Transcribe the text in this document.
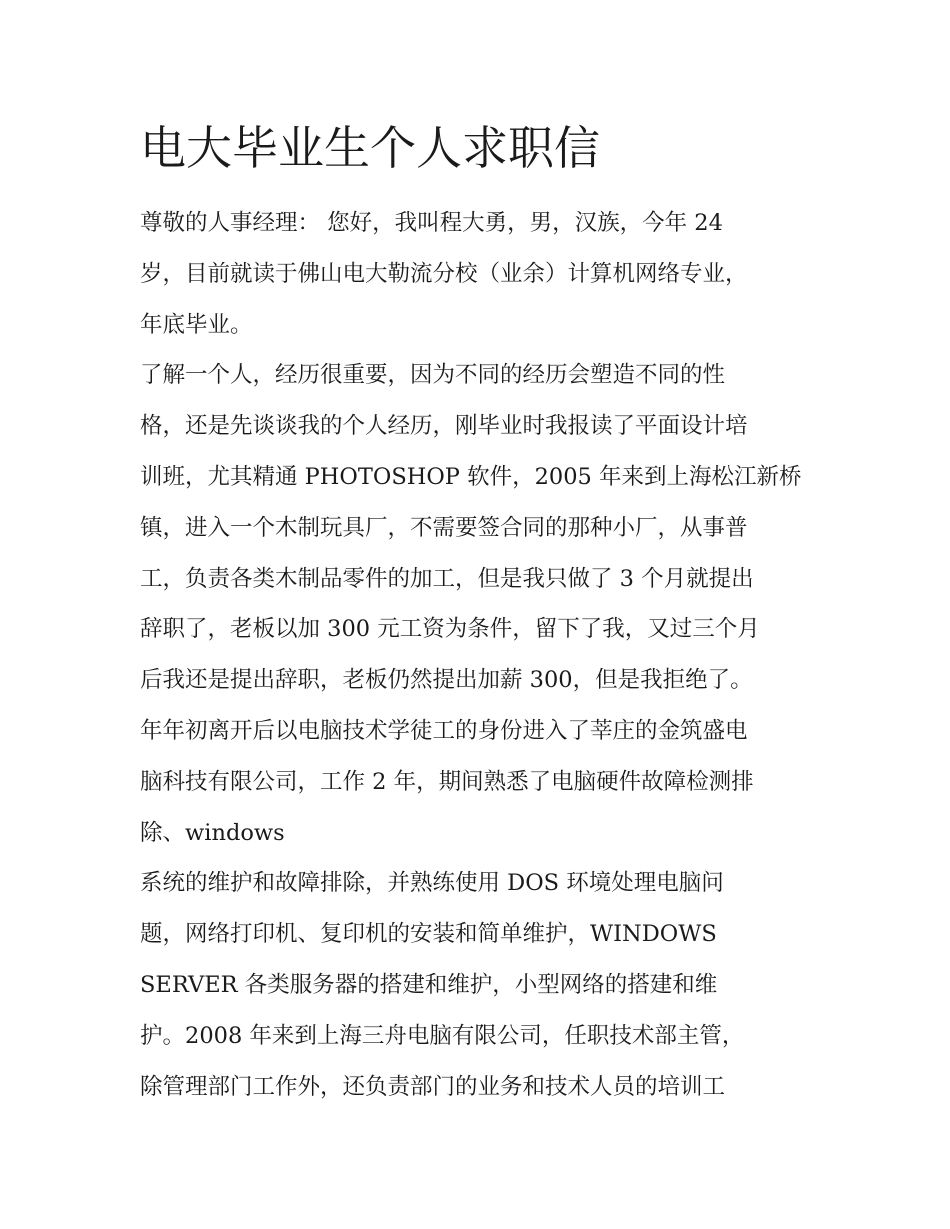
电大毕业生个人求职信

尊敬的人事经理： 您好，我叫程大勇，男，汉族，今年 24

岁，目前就读于佛山电大勒流分校（业余）计算机网络专业，

年底毕业。

了解一个人，经历很重要，因为不同的经历会塑造不同的性

格，还是先谈谈我的个人经历，刚毕业时我报读了平面设计培

训班，尤其精通 PHOTOSHOP 软件，2005 年来到上海松江新桥

镇，进入一个木制玩具厂，不需要签合同的那种小厂，从事普

工，负责各类木制品零件的加工，但是我只做了 3 个月就提出

辞职了，老板以加 300 元工资为条件，留下了我，又过三个月

后我还是提出辞职，老板仍然提出加薪 300，但是我拒绝了。

年年初离开后以电脑技术学徒工的身份进入了莘庄的金筑盛电

脑科技有限公司，工作 2 年，期间熟悉了电脑硬件故障检测排

除、windows

系统的维护和故障排除，并熟练使用 DOS 环境处理电脑问

题，网络打印机、复印机的安装和简单维护，WINDOWS

SERVER 各类服务器的搭建和维护，小型网络的搭建和维

护。2008 年来到上海三舟电脑有限公司，任职技术部主管，

除管理部门工作外，还负责部门的业务和技术人员的培训工
